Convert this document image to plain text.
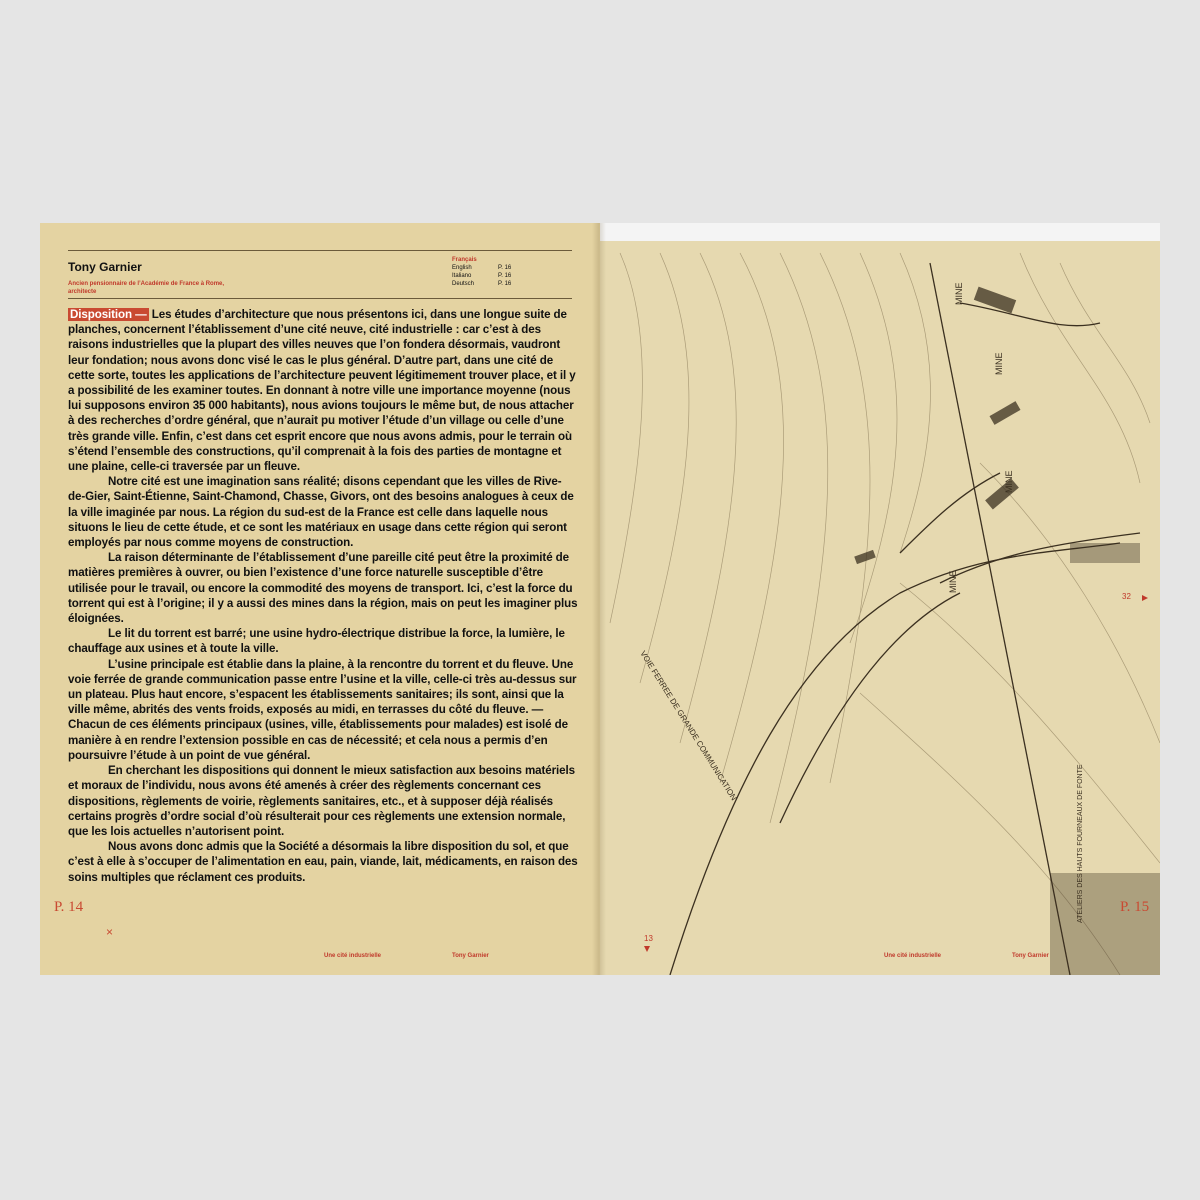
Tony Garnier
Ancien pensionnaire de l’Académie de France à Rome, architecte
Français
English	P. 16
Italiano	P. 16
Deutsch	P. 16

Disposition — Les études d’architecture que nous présentons ici, dans une longue suite de planches, concernent l’établissement d’une cité neuve, cité industrielle : car c’est à des raisons industrielles que la plupart des villes neuves que l’on fondera désormais, vaudront leur fondation; nous avons donc visé le cas le plus général. D’autre part, dans une cité de cette sorte, toutes les applications de l’architecture peuvent légitimement trouver place, et il y a possibilité de les examiner toutes. En donnant à notre ville une importance moyenne (nous lui supposons environ 35 000 habitants), nous avions toujours le même but, de nous attacher à des recherches d’ordre général, que n’aurait pu motiver l’étude d’un village ou celle d’une très grande ville. Enfin, c’est dans cet esprit encore que nous avons admis, pour le terrain où s’étend l’ensemble des constructions, qu’il comprenait à la fois des parties de montagne et une plaine, celle-ci traversée par un fleuve.

Notre cité est une imagination sans réalité; disons cependant que les villes de Rive-de-Gier, Saint-Étienne, Saint-Chamond, Chasse, Givors, ont des besoins analogues à ceux de la ville imaginée par nous. La région du sud-est de la France est celle dans laquelle nous situons le lieu de cette étude, et ce sont les matériaux en usage dans cette région qui seront employés par nous comme moyens de construction.

La raison déterminante de l’établissement d’une pareille cité peut être la proximité de matières premières à ouvrer, ou bien l’existence d’une force naturelle susceptible d’être utilisée pour le travail, ou encore la commodité des moyens de transport. Ici, c’est la force du torrent qui est à l’origine; il y a aussi des mines dans la région, mais on peut les imaginer plus éloignées.

Le lit du torrent est barré; une usine hydro-électrique distribue la force, la lumière, le chauffage aux usines et à toute la ville.

L’usine principale est établie dans la plaine, à la rencontre du torrent et du fleuve. Une voie ferrée de grande communication passe entre l’usine et la ville, celle-ci très au-dessus sur un plateau. Plus haut encore, s’espacent les établissements sanitaires; ils sont, ainsi que la ville même, abrités des vents froids, exposés au midi, en terrasses du côté du fleuve. — Chacun de ces éléments principaux (usines, ville, établissements pour malades) est isolé de manière à en rendre l’extension possible en cas de nécessité; et cela nous a permis d’en poursuivre l’étude à un point de vue général.

En cherchant les dispositions qui donnent le mieux satisfaction aux besoins matériels et moraux de l’individu, nous avons été amenés à créer des règlements concernant ces dispositions, règlements de voirie, règlements sanitaires, etc., et à supposer déjà réalisés certains progrès d’ordre social d’où résulterait pour ces règlements une extension normale, que les lois actuelles n’autorisent point.

Nous avons donc admis que la Société a désormais la libre disposition du sol, et que c’est à elle à s’occuper de l’alimentation en eau, pain, viande, lait, médicaments, en raison des soins multiples que réclament ces produits.

P. 14
×
Une cité industrielle	Tony Garnier
MINE
MINE
MINE
MINE
VOIE FERREE DE GRANDE COMMUNICATION
ATELIERS DES HAUTS FOURNEAUX DE FONTE
32
13
P. 15
Une cité industrielle	Tony Garnier
